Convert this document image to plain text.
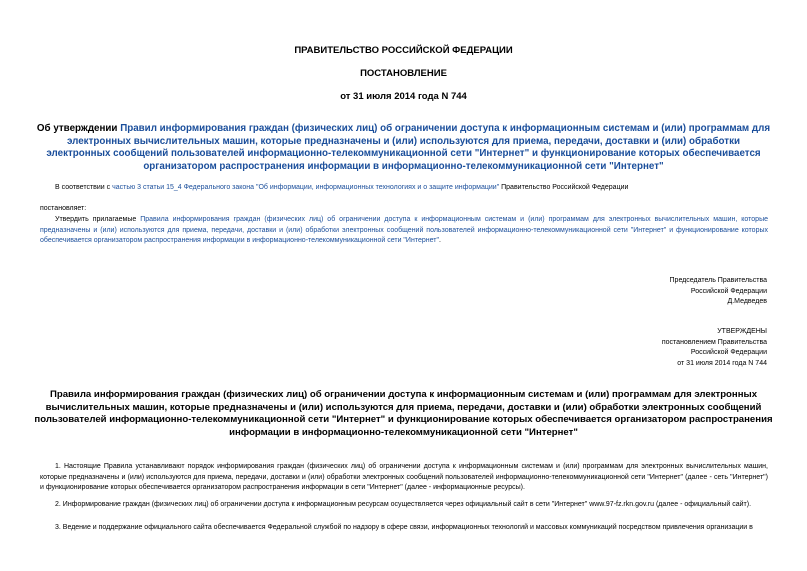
ПРАВИТЕЛЬСТВО РОССИЙСКОЙ ФЕДЕРАЦИИ
ПОСТАНОВЛЕНИЕ
от 31 июля 2014 года N 744
Об утверждении Правил информирования граждан (физических лиц) об ограничении доступа к информационным системам и (или) программам для электронных вычислительных машин, которые предназначены и (или) используются для приема, передачи, доставки и (или) обработки электронных сообщений пользователей информационно-телекоммуникационной сети "Интернет" и функционирование которых обеспечивается организатором распространения информации в информационно-телекоммуникационной сети "Интернет"
В соответствии с частью 3 статьи 15_4 Федерального закона "Об информации, информационных технологиях и о защите информации" Правительство Российской Федерации
постановляет:
Утвердить прилагаемые Правила информирования граждан (физических лиц) об ограничении доступа к информационным системам и (или) программам для электронных вычислительных машин, которые предназначены и (или) используются для приема, передачи, доставки и (или) обработки электронных сообщений пользователей информационно-телекоммуникационной сети "Интернет" и функционирование которых обеспечивается организатором распространения информации в информационно-телекоммуникационной сети "Интернет".
Председатель Правительства
Российской Федерации
Д.Медведев
УТВЕРЖДЕНЫ
постановлением Правительства
Российской Федерации
от 31 июля 2014 года N 744
Правила информирования граждан (физических лиц) об ограничении доступа к информационным системам и (или) программам для электронных вычислительных машин, которые предназначены и (или) используются для приема, передачи, доставки и (или) обработки электронных сообщений пользователей информационно-телекоммуникационной сети "Интернет" и функционирование которых обеспечивается организатором распространения информации в информационно-телекоммуникационной сети "Интернет"
1. Настоящие Правила устанавливают порядок информирования граждан (физических лиц) об ограничении доступа к информационным системам и (или) программам для электронных вычислительных машин, которые предназначены и (или) используются для приема, передачи, доставки и (или) обработки электронных сообщений пользователей информационно-телекоммуникационной сети "Интернет" (далее - сеть "Интернет") и функционирование которых обеспечивается организатором распространения информации в сети "Интернет" (далее - информационные ресурсы).
2. Информирование граждан (физических лиц) об ограничении доступа к информационным ресурсам осуществляется через официальный сайт в сети "Интернет" www.97-fz.rkn.gov.ru (далее - официальный сайт).
3. Ведение и поддержание официального сайта обеспечивается Федеральной службой по надзору в сфере связи, информационных технологий и массовых коммуникаций посредством привлечения организации в
